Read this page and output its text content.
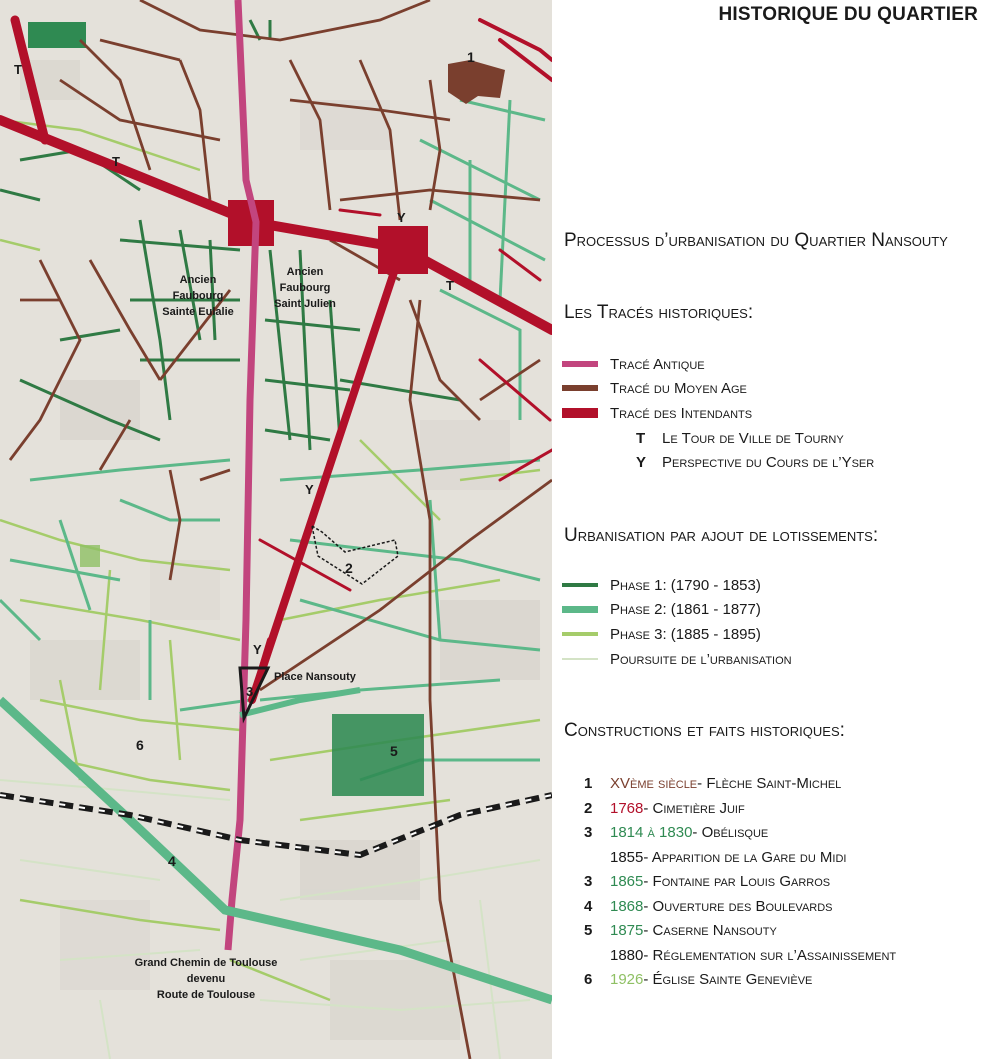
Ancien
Faubourg
Sainte Eulalie
Ancien
Faubourg
Saint Julien
Place Nansouty
Grand Chemin de Toulouse
devenu
Route de Toulouse
T
T
T
Y
Y
Y
1
2
3
4
5
6
HISTORIQUE DU QUARTIER
Processus d’urbanisation du Quartier Nansouty
Les Tracés historiques:
Tracé Antique
Tracé du Moyen Age
Tracé des Intendants
T	Le Tour de Ville de Tourny
Y	Perspective du Cours de l’Yser
Urbanisation par ajout de lotissements:
Phase 1: (1790 - 1853)
Phase 2: (1861 - 1877)
Phase 3: (1885 - 1895)
Poursuite de l’urbanisation
Constructions et faits historiques:
1	XVème siècle - Flèche Saint-Michel
2	1768 - Cimetière Juif
3	1814 à 1830 - Obélisque
1855 - Apparition de la Gare du Midi
3	1865 - Fontaine par Louis Garros
4	1868 - Ouverture des Boulevards
5	1875 - Caserne Nansouty
1880 - Réglementation sur l’Assainissement
6	1926 - Église Sainte Geneviève
